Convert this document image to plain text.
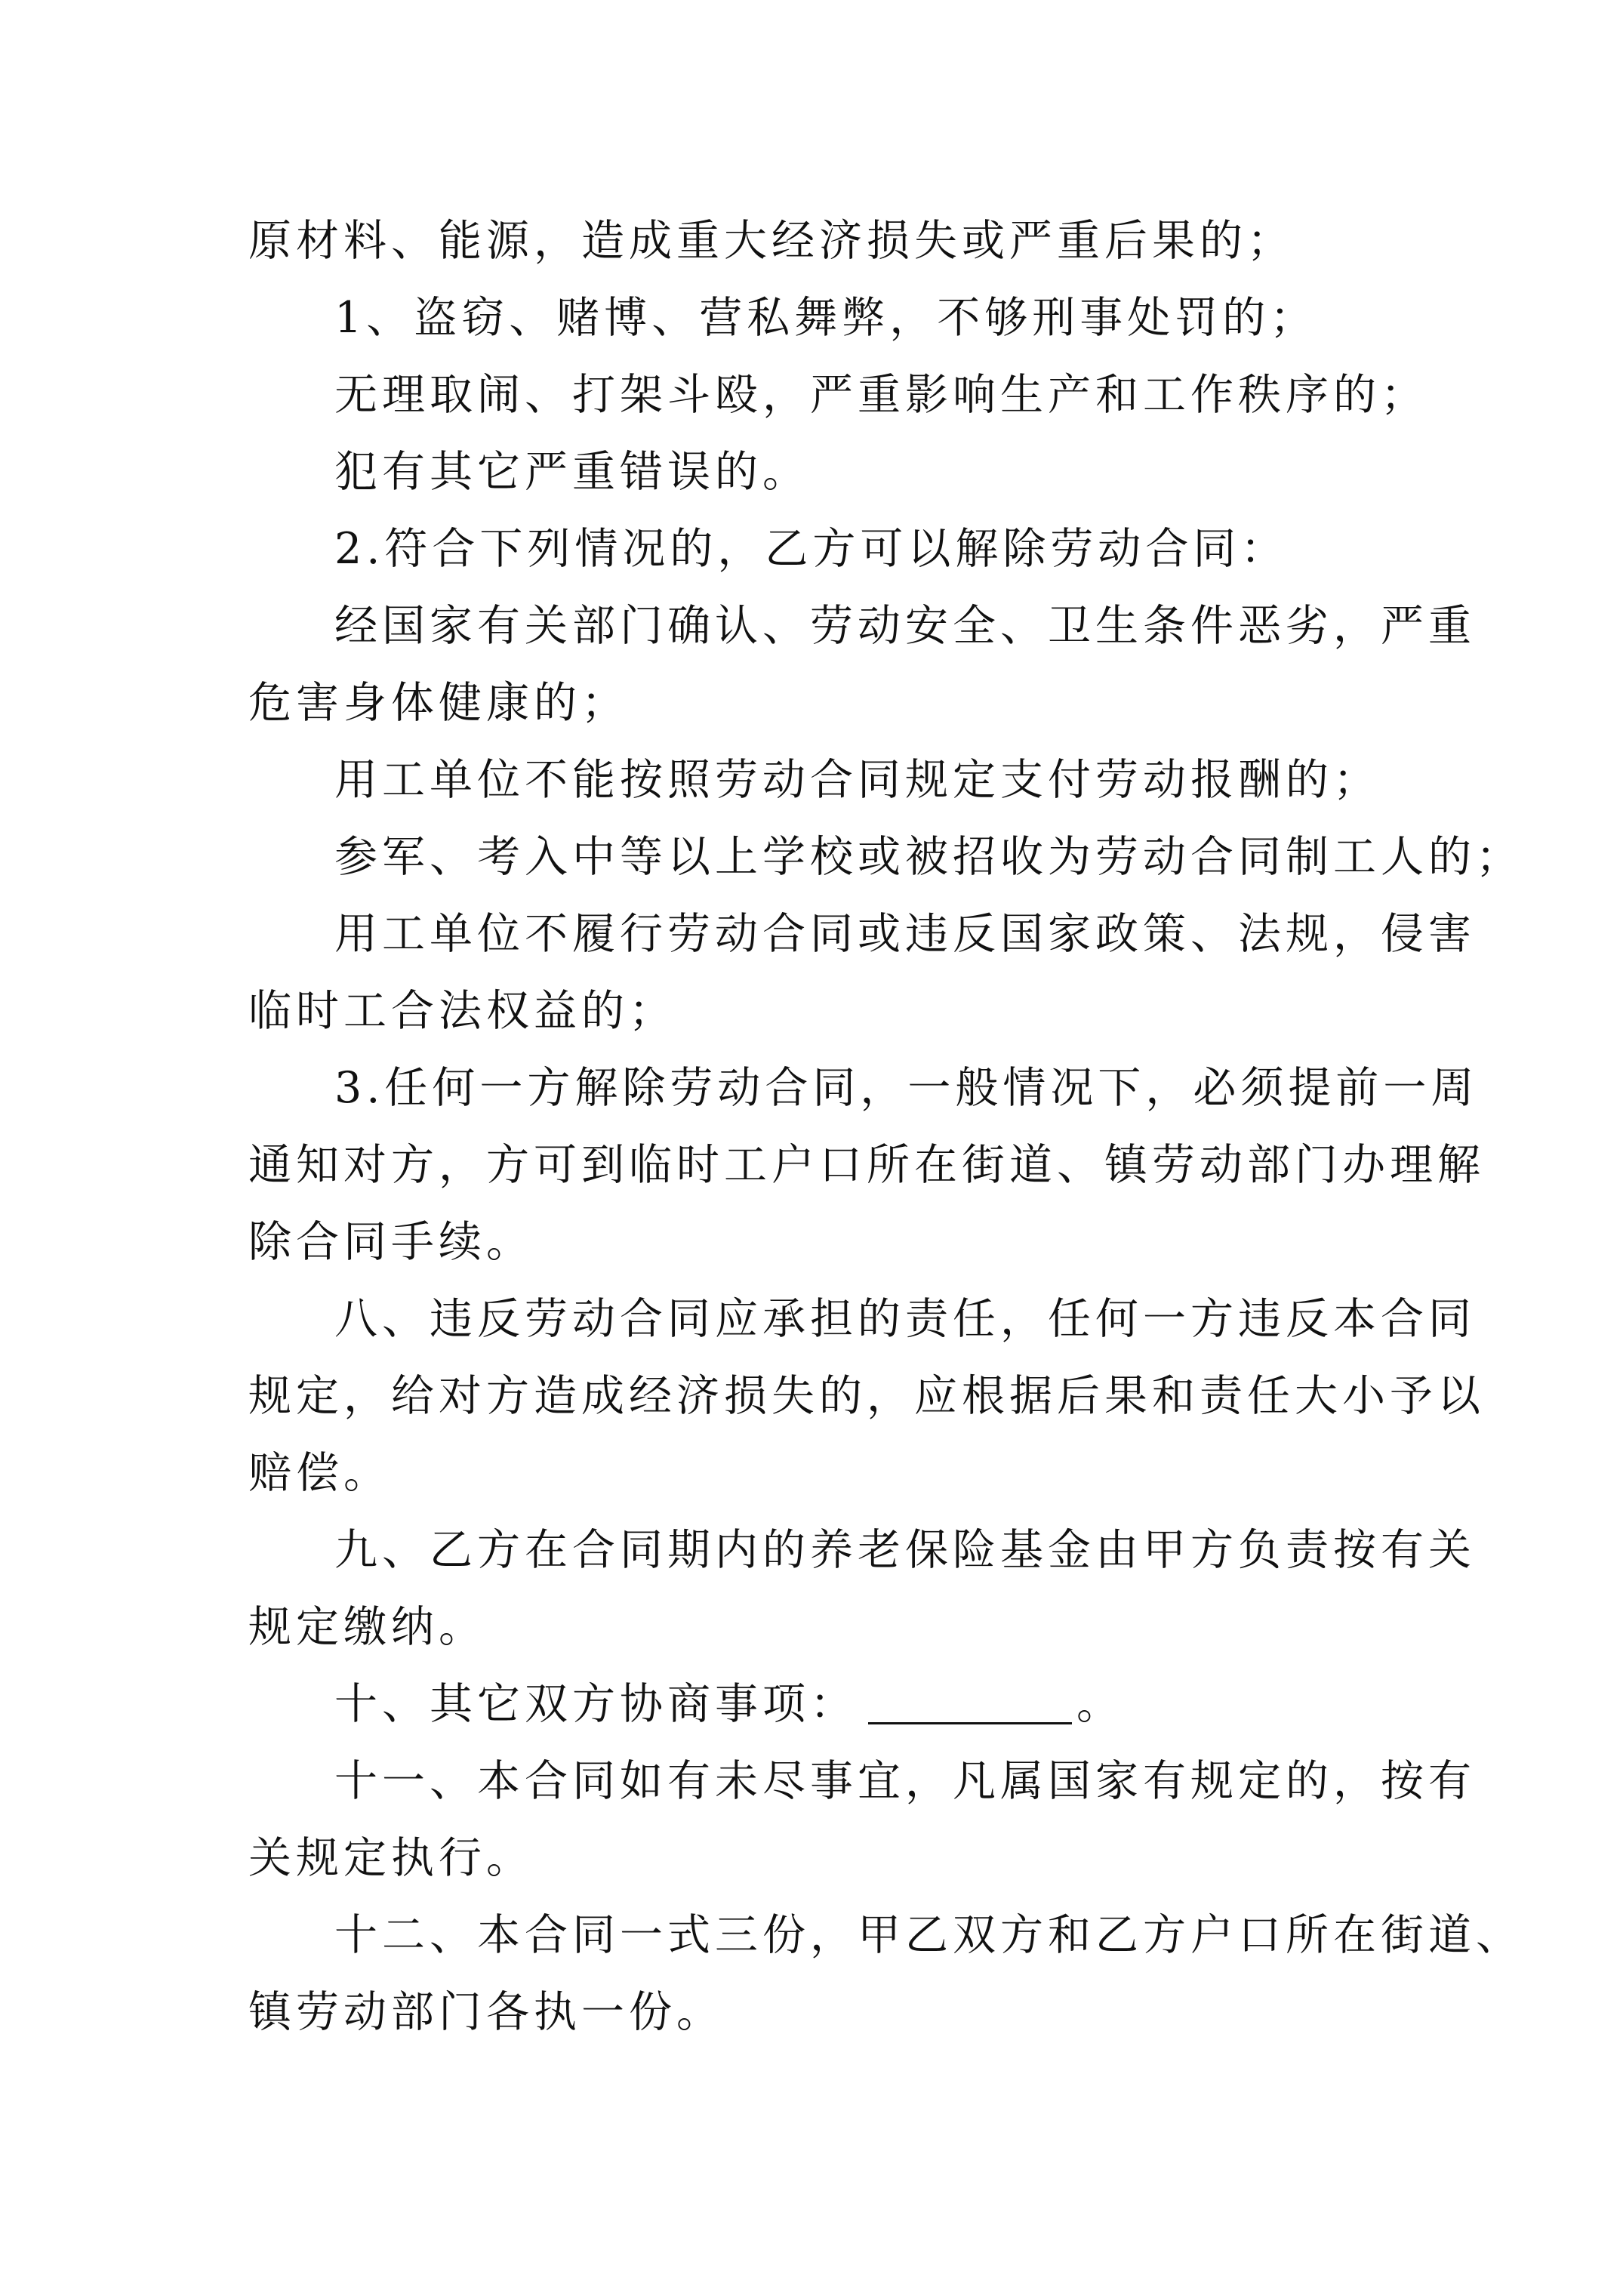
原材料、能源，造成重大经济损失或严重后果的；
1、盗窃、赌博、营私舞弊，不够刑事处罚的；
无理取闹、打架斗殴，严重影响生产和工作秩序的；
犯有其它严重错误的。
2.符合下列情况的，乙方可以解除劳动合同：
经国家有关部门确认、劳动安全、卫生条件恶劣，严重
危害身体健康的；
用工单位不能按照劳动合同规定支付劳动报酬的；
参军、考入中等以上学校或被招收为劳动合同制工人的；
用工单位不履行劳动合同或违反国家政策、法规，侵害
临时工合法权益的；
3.任何一方解除劳动合同，一般情况下，必须提前一周
通知对方，方可到临时工户口所在街道、镇劳动部门办理解
除合同手续。
八、违反劳动合同应承担的责任，任何一方违反本合同
规定，给对方造成经济损失的，应根据后果和责任大小予以
赔偿。
九、乙方在合同期内的养老保险基金由甲方负责按有关
规定缴纳。
十、其它双方协商事项：	。
十一、本合同如有未尽事宜，凡属国家有规定的，按有
关规定执行。
十二、本合同一式三份，甲乙双方和乙方户口所在街道、
镇劳动部门各执一份。
